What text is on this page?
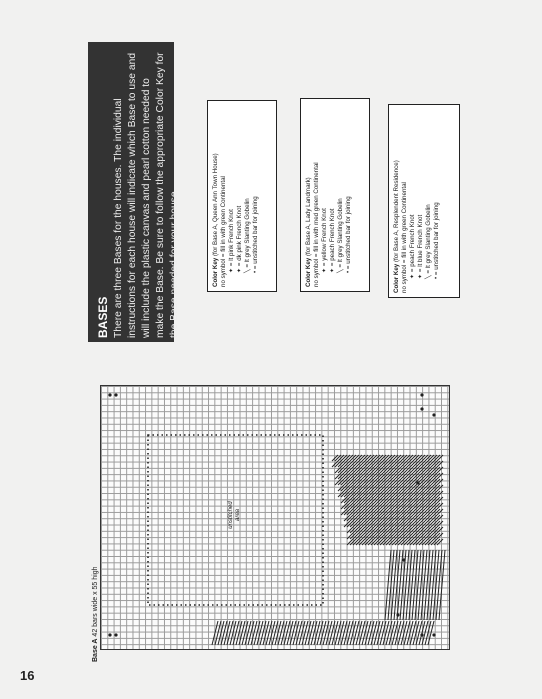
unstitched area
Base A 42 bars wide x 55 high
BASES There are three Bases for the houses. The individual instructions for each house will indicate which Base to use and will include the plastic canvas and pearl cotton needed to make the Base. Be sure to follow the appropriate Color Key for the Base needed for your house.	Color Key (for Base A, Queen Ann Town House) no symbol = fill in with green Continental ✦ = lt pink French Knot ✦ = dk pink French Knot ╲ = lt grey Slanting Gobelin • = unstitched bar for joining	Color Key (for Base A, Lady Landmark) no symbol = fill in with med green Continental ✦ = yellow French Knot ✦ = peach French Knot ╲ = lt grey Slanting Gobelin • = unstitched bar for joining
Color Key (for Base A, Resplendent Residence) no symbol = fill in with green Continental ✦ = peach French Knot ✦ = lt blue French Knot ╲ = lt grey Slanting Gobelin • = unstitched bar for joining
16
